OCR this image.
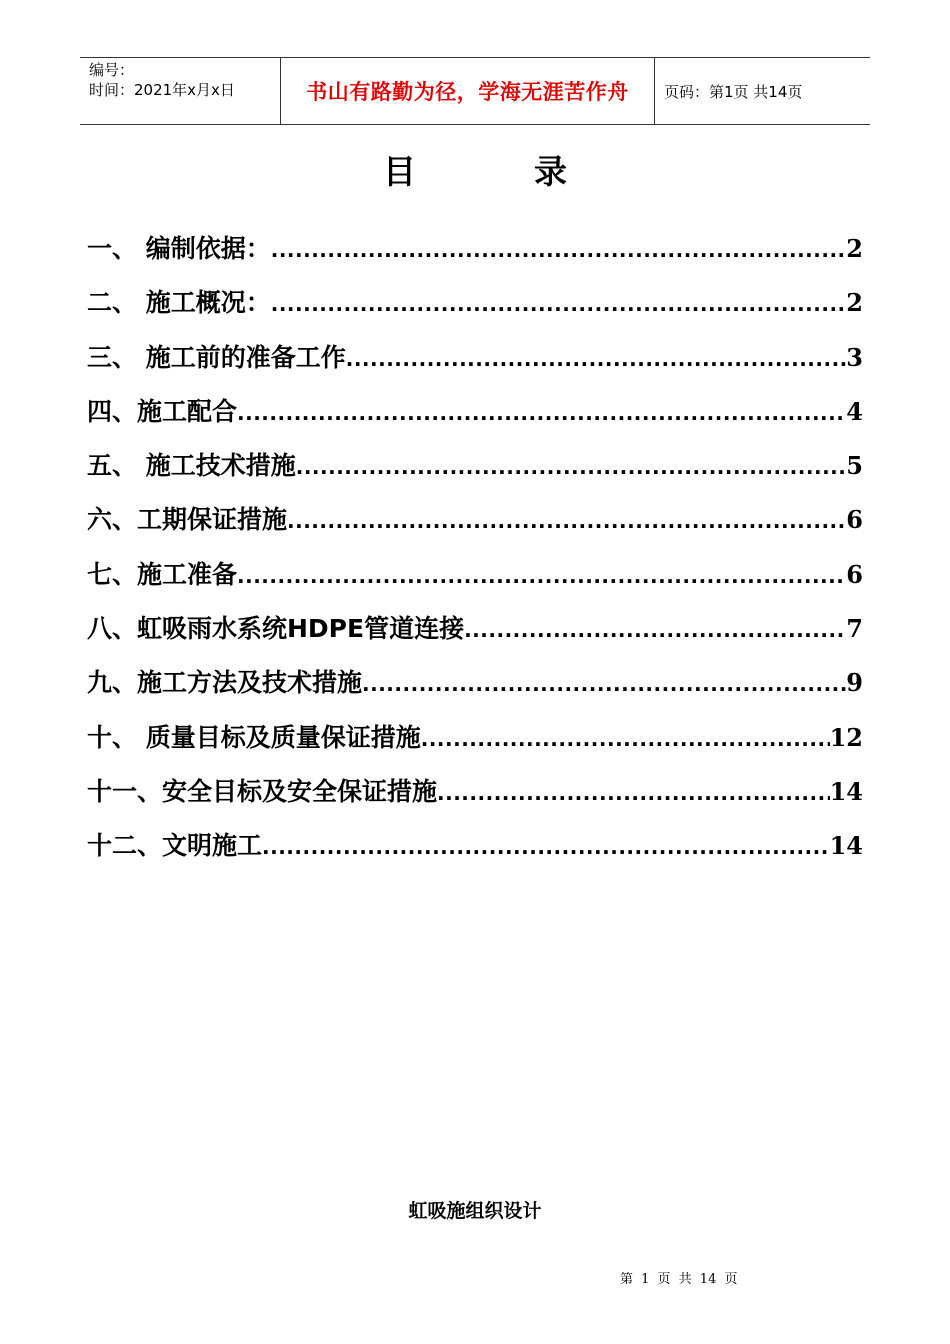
编号：
时间：2021年x月x日	书山有路勤为径，学海无涯苦作舟 页码：第1页 共14页
目	录
一、 编制依据： .....	2
二、 施工概况： .....	2
三、 施工前的准备工作 .....	3
四、施工配合 .....	4
五、 施工技术措施 .....	5
六、工期保证措施 .....	6
七、施工准备 .....	6
八、虹吸雨水系统HDPE管道连接 .....	7
九、施工方法及技术措施 .....	9
十、 质量目标及质量保证措施 .....	12
十一、安全目标及安全保证措施 .....	14
十二、文明施工 .....	14
虹吸施组织设计
第 1 页 共 14 页
